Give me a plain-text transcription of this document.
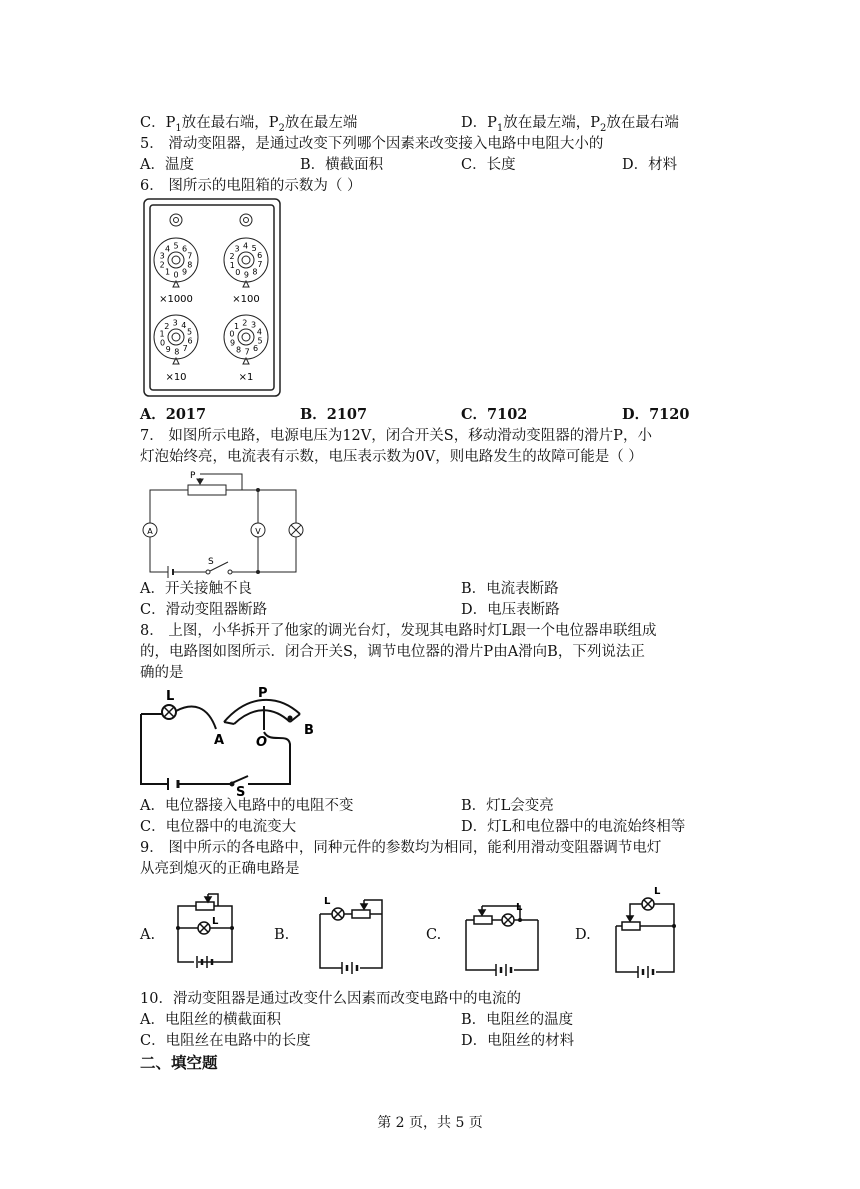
C．$P_1$放在最右端，$P_2$放在最左端	D．$P_1$放在最左端，$P_2$放在最右端
5． 滑动变阻器，是通过改变下列哪个因素来改变接入电路中电阻大小的
A．温度	B．横截面积	C．长度	D．材料
6． 图所示的电阻箱的示数为（ ）
0
1
2
3
4 5 6
7
8
9	0
1
2
3 4 5
6
7
8
9
0
1
2 3 4
5
6
7
8
9
0
1 2 3
4
5
6
7
8
9
×1000	×100
×10	×1
A．2017	B．2107	C．7102	D．7120
7． 如图所示电路，电源电压为12V，闭合开关S，移动滑动变阻器的滑片P，小
灯泡始终亮，电流表有示数，电压表示数为0V，则电路发生的故障可能是（ ）
P
A	V
S
A．开关接触不良	B．电流表断路
C．滑动变阻器断路	D．电压表断路
8． 上图，小华拆开了他家的调光台灯，发现其电路时灯L跟一个电位器串联组成
的，电路图如图所示．闭合开关S，调节电位器的滑片P由A滑向B，下列说法正
确的是
L	P
A O
B
S
A．电位器接入电路中的电阻不变	B．灯L会变亮
C．电位器中的电流变大	D．灯L和电位器中的电流始终相等
9． 图中所示的各电路中，同种元件的参数均为相同，能利用滑动变阻器调节电灯
从亮到熄灭的正确电路是
A.	B.	C.	D.
L
L
L
L
10．滑动变阻器是通过改变什么因素而改变电路中的电流的
A．电阻丝的横截面积	B．电阻丝的温度
C．电阻丝在电路中的长度	D．电阻丝的材料
二、填空题
第 2 页，共 5 页
